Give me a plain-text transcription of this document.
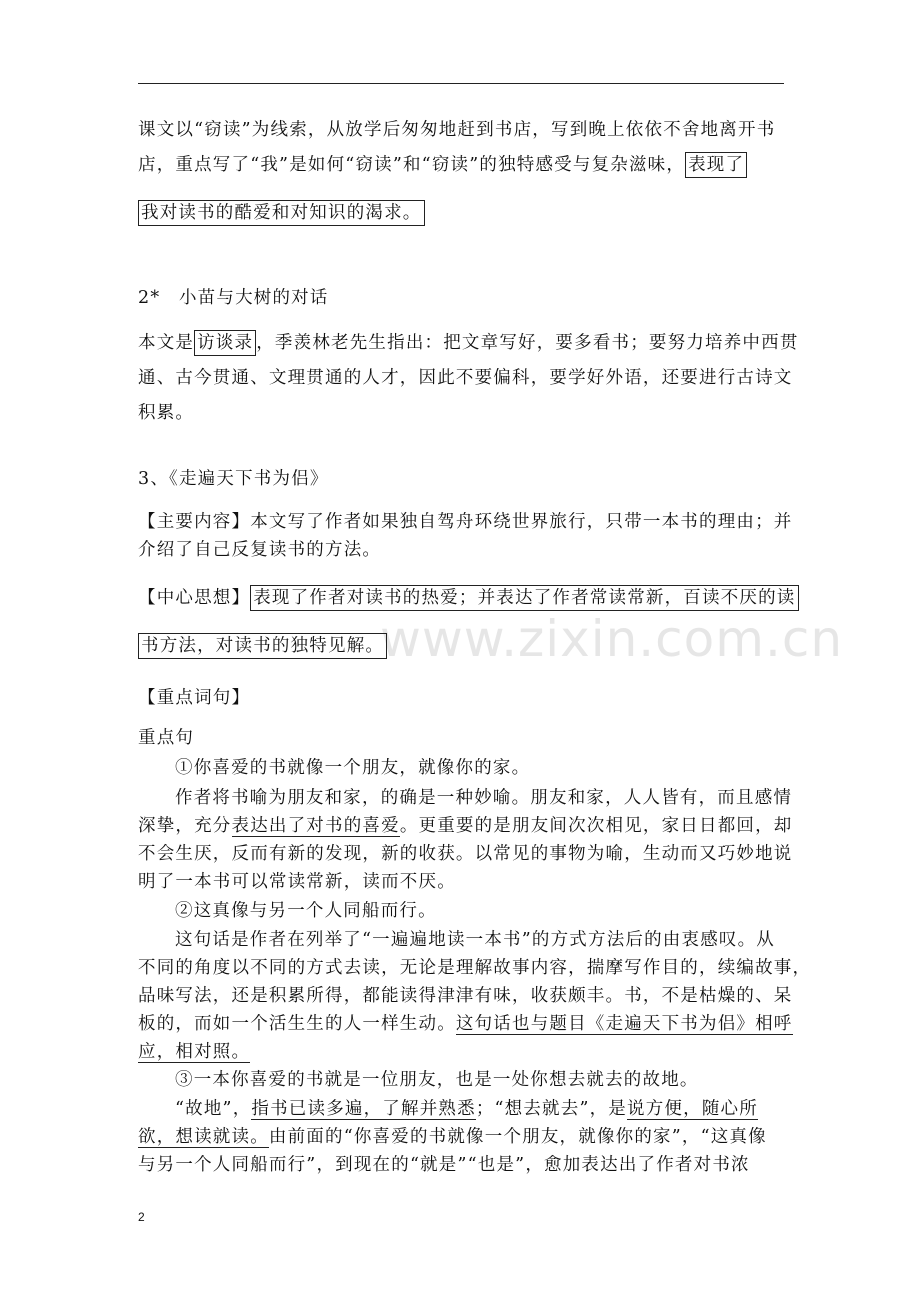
www.zixin.com.cn
课文以“窃读”为线索，从放学后匆匆地赶到书店，写到晚上依依不舍地离开书
店，重点写了“我”是如何“窃读”和“窃读”的独特感受与复杂滋味， 表现了
我对读书的酷爱和对知识的渴求。
2*　小苗与大树的对话
本文是 访谈录 ，季羡林老先生指出：把文章写好，要多看书；要努力培养中西贯
通、古今贯通、文理贯通的人才，因此不要偏科，要学好外语，还要进行古诗文
积累。
3、《走遍天下书为侣》
【主要内容】本文写了作者如果独自驾舟环绕世界旅行，只带一本书的理由；并
介绍了自己反复读书的方法。
【中心思想】 表现了作者对读书的热爱；并表达了作者常读常新，百读不厌的读
书方法，对读书的独特见解。
【重点词句】
重点句
①你喜爱的书就像一个朋友，就像你的家。
作者将书喻为朋友和家，的确是一种妙喻。朋友和家，人人皆有，而且感情
深挚，充分表达出了对书的喜爱。更重要的是朋友间次次相见，家日日都回，却
不会生厌，反而有新的发现，新的收获。以常见的事物为喻，生动而又巧妙地说
明了一本书可以常读常新，读而不厌。
②这真像与另一个人同船而行。
这句话是作者在列举了“一遍遍地读一本书”的方式方法后的由衷感叹。从
不同的角度以不同的方式去读，无论是理解故事内容，揣摩写作目的，续编故事，
品味写法，还是积累所得，都能读得津津有味，收获颇丰。书，不是枯燥的、呆
板的，而如一个活生生的人一样生动。这句话也与题目《走遍天下书为侣》相呼
应，相对照。
③一本你喜爱的书就是一位朋友，也是一处你想去就去的故地。
“故地”，指书已读多遍，了解并熟悉；“想去就去”，是说方便，随心所
欲，想读就读。由前面的“你喜爱的书就像一个朋友，就像你的家”，“这真像
与另一个人同船而行”，到现在的“就是”“也是”，愈加表达出了作者对书浓
2
